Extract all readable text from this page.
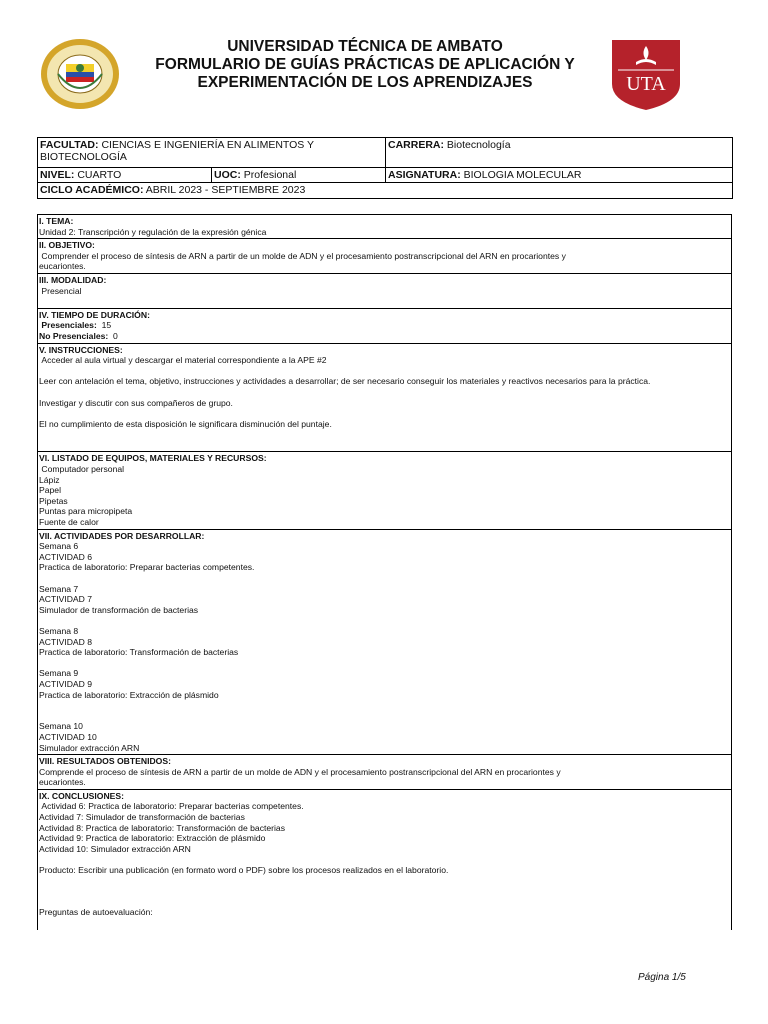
UNIVERSIDAD TÉCNICA DE AMBATO
FORMULARIO DE GUÍAS PRÁCTICAS DE APLICACIÓN Y
EXPERIMENTACIÓN DE LOS APRENDIZAJES	UTA
FACULTAD: CIENCIAS E INGENIERÍA EN ALIMENTOS Y BIOTECNOLOGÍA		CARRERA: Biotecnología
NIVEL: CUARTO	UOC: Profesional	ASIGNATURA: BIOLOGIA MOLECULAR
CICLO ACADÉMICO: ABRIL 2023 - SEPTIEMBRE 2023		
I. TEMA:
Unidad 2: Transcripción y regulación de la expresión génica

II. OBJETIVO:
Comprender el proceso de síntesis de ARN a partir de un molde de ADN y el procesamiento postranscripcional del ARN en procariontes y
eucariontes.

III. MODALIDAD:
Presencial

IV. TIEMPO DE DURACIÓN:
Presenciales: 15
No Presenciales: 0

V. INSTRUCCIONES:
Acceder al aula virtual y descargar el material correspondiente a la APE #2
Leer con antelación el tema, objetivo, instrucciones y actividades a desarrollar; de ser necesario conseguir los materiales y reactivos necesarios para la práctica.
Investigar y discutir con sus compañeros de grupo.
El no cumplimiento de esta disposición le significara disminución del puntaje.

VI. LISTADO DE EQUIPOS, MATERIALES Y RECURSOS:
Computador personal
Lápiz
Papel
Pipetas
Puntas para micropipeta
Fuente de calor

VII. ACTIVIDADES POR DESARROLLAR:
Semana 6
ACTIVIDAD 6
Practica de laboratorio: Preparar bacterias competentes.
Semana 7
ACTIVIDAD 7
Simulador de transformación de bacterias
Semana 8
ACTIVIDAD 8
Practica de laboratorio: Transformación de bacterias
Semana 9
ACTIVIDAD 9
Practica de laboratorio: Extracción de plásmido
Semana 10
ACTIVIDAD 10
Simulador extracción ARN

VIII. RESULTADOS OBTENIDOS:
Comprende el proceso de síntesis de ARN a partir de un molde de ADN y el procesamiento postranscripcional del ARN en procariontes y
eucariontes.

IX. CONCLUSIONES:
Actividad 6: Practica de laboratorio: Preparar bacterias competentes.
Actividad 7: Simulador de transformación de bacterias
Actividad 8: Practica de laboratorio: Transformación de bacterias
Actividad 9: Practica de laboratorio: Extracción de plásmido
Actividad 10: Simulador extracción ARN
Producto: Escribir una publicación (en formato word o PDF) sobre los procesos realizados en el laboratorio.
Preguntas de autoevaluación:
Página 1/5
